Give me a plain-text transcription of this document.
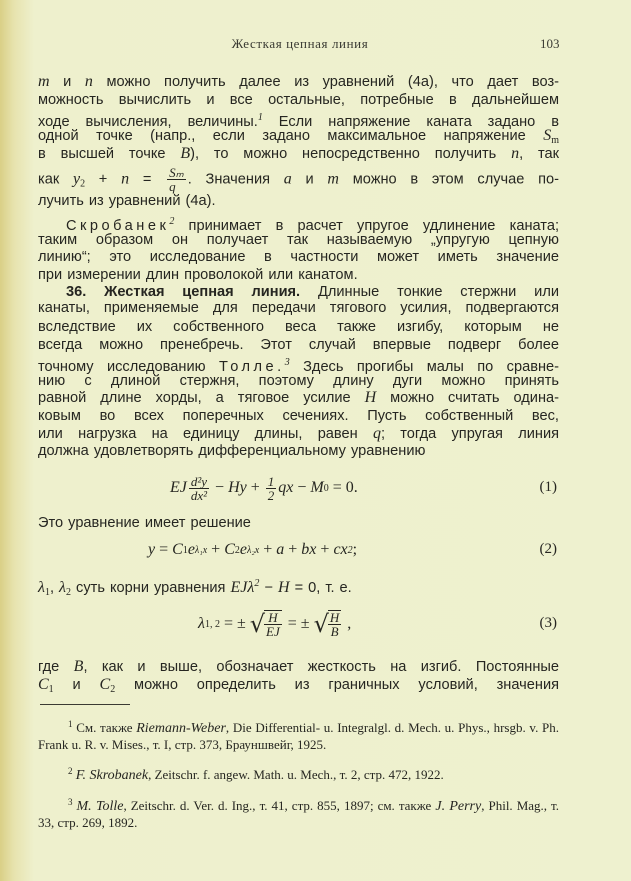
Жесткая цепная линия	103
m и n можно получить далее из уравнений (4a), что дает воз-
можность вычислить и все остальные, потребные в дальнейшем
ходе вычисления, величины.$^1$ Если напряжение каната задано в
одной точке (напр., если задано максимальное напряжение $S_m$
в высшей точке B), то можно непосредственно получить n, так
как $y_2 + n = \frac{\text{Sₘ}}{q}$ . Значения a и m можно в этом случае по-
лучить из уравнений (4a).
Скробанек$^2$ принимает в расчет упругое удлинение каната;
таким образом он получает так называемую „упругую цепную
линию“; это исследование в частности может иметь значение
при измерении длин проволокой или канатом.
36. Жесткая цепная линия. Длинные тонкие стержни или
канаты, применяемые для передачи тягового усилия, подвергаются
вследствие их собственного веса также изгибу, которым не
всегда можно пренебречь. Этот случай впервые подверг более
точному исследованию Толле.$^3$ Здесь прогибы малы по сравне-
нию с длиной стержня, поэтому длину дуги можно принять
равной длине хорды, а тяговое усилие H можно считать одина-
ковым во всех поперечных сечениях. Пусть собственный вес,
или нагрузка на единицу длины, равен q; тогда упругая линия
должна удовлетворять дифференциальному уравнению
EJ $\frac{\text{d²y}}{\text{dx²}} - Hy + \frac{1}{2}$ qx − M 0 = 0.	(1)
Это уравнение имеет решение
y = C 1 e λ₁x + C 2 e λ₂x + a + bx + cx 2 ;	(2)
$\lambda_1$, $\lambda_2$ суть корни уравнения EJλ$^2$ − H = 0, т. е.
λ 1, 2 = ± √ $\frac{H}{EJ}$ = ± √ $\frac{H}{B}$ ,	(3)
где B, как и выше, обозначает жесткость на изгиб. Постоянные
$C_1$ и $C_2$ можно определить из граничных условий, значения
$^1$ См. также Riemann-Weber, Die Differential- u. Integralgl. d. Mech. u. Phys., hrsgb. v. Ph. Frank u. R. v. Mises., т. I, стр. 373, Брауншвейг, 1925.
$^2$ F. Skrobanek, Zeitschr. f. angew. Math. u. Mech., т. 2, стр. 472, 1922.
$^3$ M. Tolle, Zeitschr. d. Ver. d. Ing., т. 41, стр. 855, 1897; см. также J. Perry, Phil. Mag., т. 33, стр. 269, 1892.
